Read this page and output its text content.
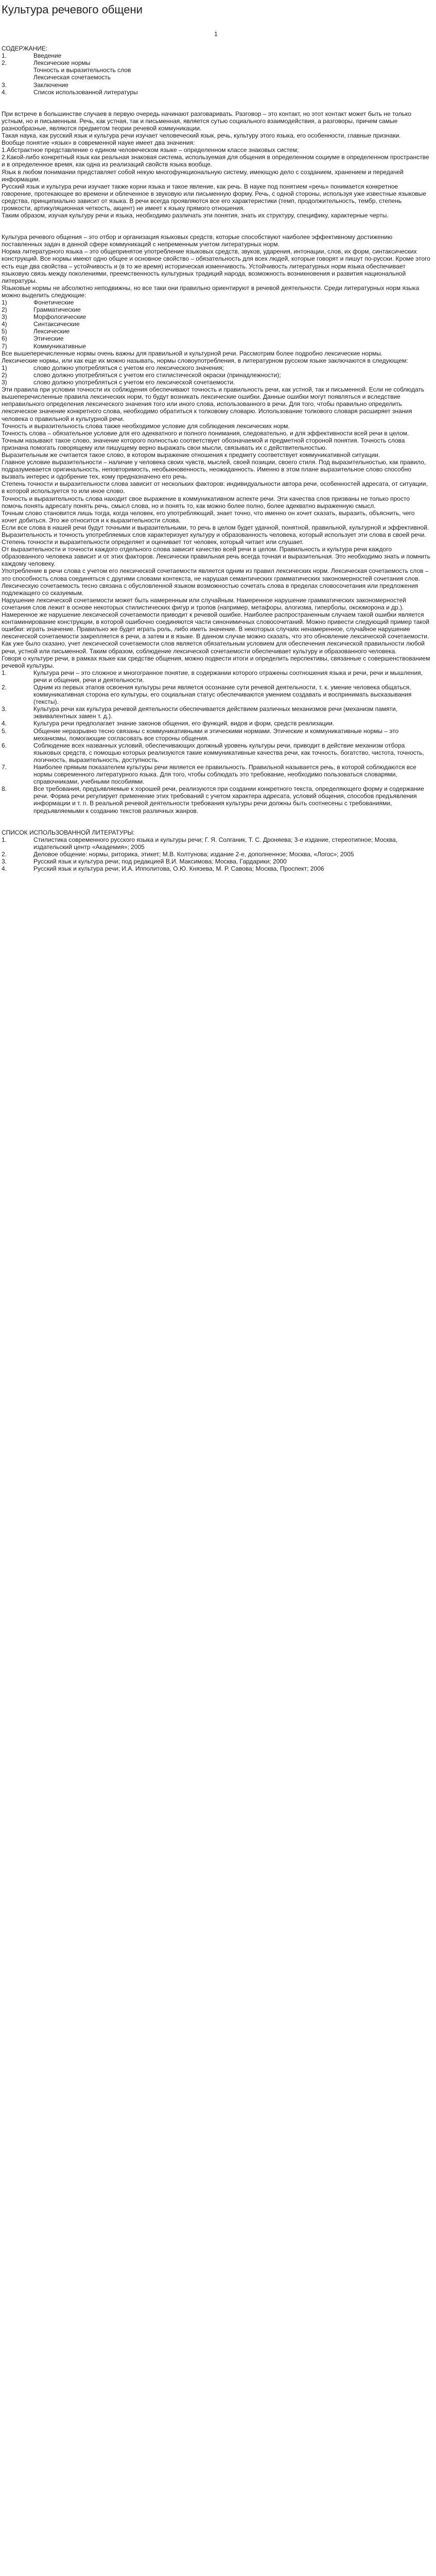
Культура речевого общени
1

СОДЕРЖАНИЕ:

1.	Введение
2.	Лексические нормы
Точность и выразительность слов
Лексическая сочетаемость
3.	Заключение
4.	Список использованной литературы

При встрече в большинстве случаев в первую очередь начинают разговаривать. Разговор – это контакт, но этот контакт может быть не только устным, но и письменным. Речь, как устная, так и письменная, является сутью социального взаимодействия, а разговоры, причем самые разнообразные, являются предметом теории речевой коммуникации.

Такая наука, как русский язык и культура речи изучает человеческий язык, речь, культуру этого языка, его особенности, главные признаки.

Вообще понятие «язык» в современной науке имеет два значения:

1.Абстрактное представление о едином человеческом языке – определенном классе знаковых систем;

2.Какой-либо конкретный язык как реальная знаковая система, используемая для общения в определенном социуме в определенном пространстве и в определенное время, как одна из реализаций свойств языка вообще.

Язык в любом понимании представляет собой некую многофункциональную систему, имеющую дело с созданием, хранением и передачей информации.

Русский язык и культура речи изучает также корни языка и такое явление, как речь. В науке под понятием «речь» понимается конкретное говорение, протекающее во времени и облеченное в звуковую или письменную форму. Речь, с одной стороны, используя уже известные языковые средства, принципиально зависит от языка. В речи всегда проявляются все его характеристики (темп, продолжительность, тембр, степень громкости, артикуляционная четкость, акцент) не имеет к языку прямого отношения.

Таким образом, изучая культуру речи и языка, необходимо различать эти понятия, знать их структуру, специфику, характерные черты.

Культура речевого общения – это отбор и организация языковых средств, которые способствуют наиболее эффективному достижению поставленных задач в данной сфере коммуникаций с непременным учетом литературных норм.

Норма литературного языка – это общепринятое употребление языковых средств, звуков, ударения, интонации, слов, их форм, синтаксических конструкций. Все нормы имеют одно общее и основное свойство – обязательность для всех людей, которые говорят и пишут по-русски. Кроме этого есть еще два свойства – устойчивость и (в то же время) историческая изменчивость. Устойчивость литературных норм языка обеспечивает языковую связь между поколениями, преемственность культурных традиций народа, возможность возникновения и развития национальной литературы.

Языковые нормы не абсолютно неподвижны, но все таки они правильно ориентируют в речевой деятельности. Среди литературных норм языка можно выделить следующие:

1)	Фонетические
2)	Грамматические
3)	Морфологические
4)	Синтаксические
5)	Лексические
6)	Этические
7)	Коммуникативные

Все вышеперечисленные нормы очень важны для правильной и культурной речи. Рассмотрим более подробно лексические нормы.

Лексические нормы, или как еще их можно называть, нормы словоупотребления, в литературном русском языке заключаются в следующем:

1)	слово должно употребляться с учетом его лексического значения;
2)	слово должно употребляться с учетом его стилистической окраски (принадлежности);
3)	слово должно употребляться с учетом его лексической сочетаемости.

Эти правила при условии точности их соблюдения обеспечивают точность и правильность речи, как устной, так и письменной. Если не соблюдать вышеперечисленные правила лексических норм, то будут возникать лексические ошибки. Данные ошибки могут появляться и вследствие неправильного определения лексического значения того или иного слова, использованного в речи. Для того, чтобы правильно определить лексическое значение конкретного слова, необходимо обратиться к толковому словарю. Использование толкового словаря расширяет знания человека о правильной и культурной речи.

Точность и выразительность слова также необходимое условие для соблюдения лексических норм.

Точность слова – обязательное условие для его адекватного и полного понимания, следовательно, и для эффективности всей речи в целом. Точным называют такое слово, значение которого полностью соответствует обозначаемой и предметной стороной понятия. Точность слова признана помогать говорящему или пишущему верно выражать свои мысли, связывать их с действительностью.

Выразительным же считается такое слово, в котором выражение отношения к предмету соответствует коммуникативной ситуации.

Главное условие выразительности – наличие у человека своих чувств, мыслей, своей позиции, своего стиля. Под выразительностью, как правило, подразумевается оригинальность, неповторимость, необыкновенность, неожиданность. Именно в этом плане выразительное слово способно вызвать интерес и одобрение тех, кому предназначено его речь.

Степень точности и выразительности слова зависит от нескольких факторов: индивидуальности автора речи, особенностей адресата, от ситуации, в которой используется то или иное слово.

Точность и выразительность слова находит свое выражение в коммуникативном аспекте речи. Эти качества слов призваны не только просто помочь понять адресату понять речь, смысл слова, но и понять то, как можно более полно, более адекватно выраженную смысл.

Точным слово становится лишь тогда, когда человек, его употребляющий, знает точно, что именно он хочет сказать, выразить, объяснить, чего хочет добиться. Это же относится и к выразительности слова.

Если все слова в нашей речи будут точными и выразительными, то речь в целом будет удачной, понятной, правильной, культурной и эффективной.

Выразительность и точность употребляемых слов характеризует культуру и образованность человека, который использует эти слова в своей речи. Степень точности и выразительности определяет и оценивает тот человек, который читает или слушает.

От выразительности и точности каждого отдельного слова зависит качество всей речи в целом. Правильность и культура речи каждого образованного человека зависит и от этих факторов. Лексически правильная речь всегда точная и выразительная. Это необходимо знать и помнить каждому человеку.

Употребление в речи слова с учетом его лексической сочетаемости является одним из правил лексических норм. Лексическая сочетаемость слов – это способность слова соединяться с другими словами контекста, не нарушая семантических грамматических закономерностей сочетания слов.

Лексическую сочетаемость тесно связана с обусловленной языком возможностью сочетать слова в пределах словосочетания или предложения подлежащего со сказуемым.

Нарушение лексической сочетаемости может быть намеренным или случайным. Намеренное нарушение грамматических закономерностей сочетания слов лежит в основе некоторых стилистических фигур и тропов (например, метафоры, алогизма, гиперболы, оксюморона и др.). Намеренное же нарушение лексической сочетаемости приводит к речевой ошибке. Наиболее распространенным случаем такой ошибки является контаминирование конструкции, в которой ошибочно соединяются части синонимичных словосочетаний. Можно привести следующий пример такой ошибки: играть значение. Правильно же будет играть роль, либо иметь значение. В некоторых случаях ненамеренное, случайное нарушение лексической сочетаемости закрепляется в речи, а затем и в языке. В данном случае можно сказать, что это обновление лексической сочетаемости.

Как уже было сказано, учет лексической сочетаемости слов является обязательным условием для обеспечения лексической правильности любой речи, устной или письменной. Таким образом, соблюдение лексической сочетаемости обеспечивает культуру и образованного человека.

Говоря о культуре речи, в рамках языке как средстве общения, можно подвести итоги и определить перспективы, связанные с совершенствованием речевой культуры.

1.	Культура речи – это сложное и многогранное понятие, в содержании которого отражены соотношения языка и речи, речи и мышления, речи и общения, речи и деятельности.
2.	Одним из первых этапов освоения культуры речи является осознание сути речевой деятельности, т. к. умение человека общаться, коммуникативная сторона его культуры, его социальная статус обеспечиваются умением создавать и воспринимать высказывания (тексты).
3.	Культура речи как культура речевой деятельности обеспечивается действием различных механизмов речи (механизм памяти, эквивалентных замен т. д.).
4.	Культура речи предполагает знание законов общения, его функций, видов и форм, средств реализации.
5.	Общение неразрывно тесно связаны с коммуникативными и этическими нормами. Этические и коммуникативные нормы – это механизмы, помогающие согласовать все стороны общения.
6.	Соблюдение всех названных условий, обеспечивающих должный уровень культуры речи, приводит в действие механизм отбора языковых средств, с помощью которых реализуются такие коммуникативные качества речи, как точность, богатство, чистота, точность, логичность, выразительность, доступность.
7.	Наиболее прямым показателем культуры речи является ее правильность. Правильной называется речь, в которой соблюдаются все нормы современного литературного языка. Для того, чтобы соблюдать это требование, необходимо пользоваться словарями, справочниками, учебными пособиями.
8.	Все требования, предъявляемые к хорошей речи, реализуются при создании конкретного текста, определяющего форму и содержание речи. Форма речи регулирует применение этих требований с учетом характера адресата, условий общения, способов предъявления информации и т. п. В реальной речевой деятельности требования культуры речи должны быть соотнесены с требованиями, предъявляемыми к созданию текстов различных жанров.

СПИСОК ИСПОЛЬЗОВАННОЙ ЛИТЕРАТУРЫ:

1.	Стилистика современного русского языка и культуры речи; Г. Я. Солганик, Т. С. Дроняева; 3-е издание, стереотипное; Москва, издательский центр «Академия»; 2005
2.	Деловое общение: нормы, риторика, этикет; М.В. Колтунова; издание 2-е, дополненное; Москва, «Логос»; 2005
3.	Русский язык и культура речи; под редакцией В.И. Максимова; Москва, Гардарики; 2000
4.	Русский язык и культура речи; И.А. Ипполитова, О.Ю. Князева, М. Р. Савова; Москва, Проспект; 2006
